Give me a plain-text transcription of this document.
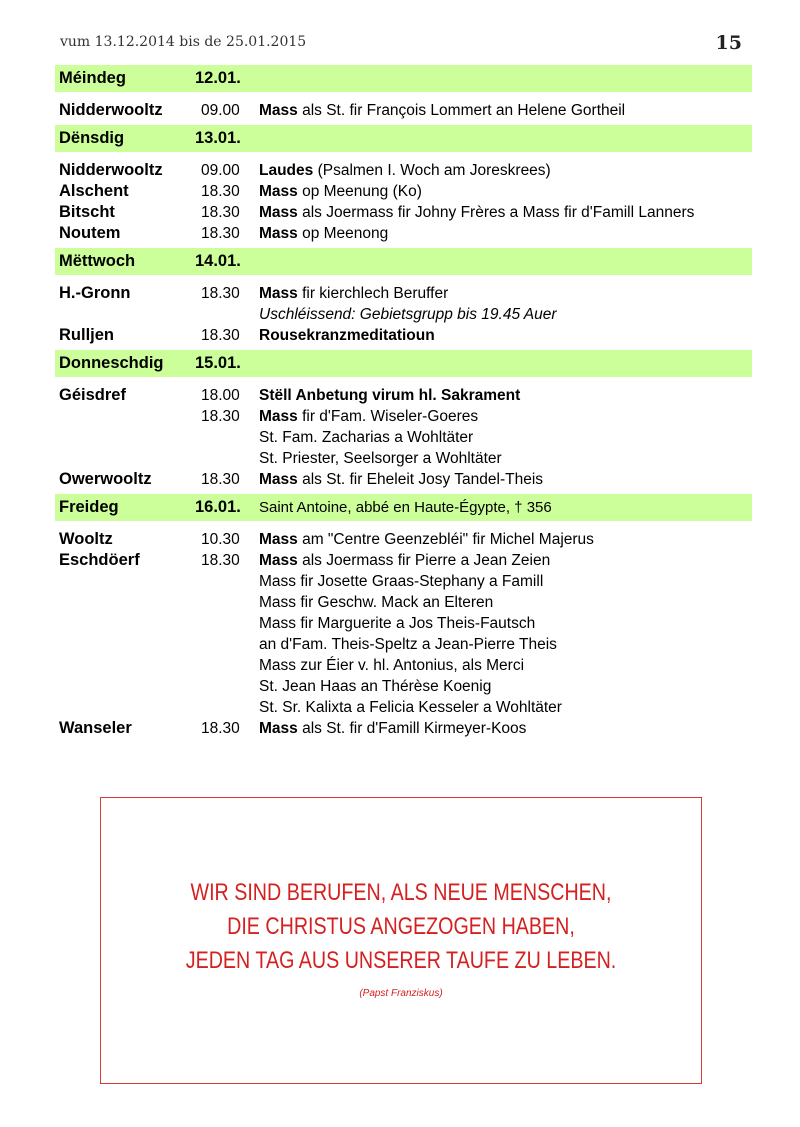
vum 13.12.2014 bis de 25.01.2015	15
Méindeg	12.01.
Nidderwooltz 09.00 Mass als St. fir François Lommert an Helene Gortheil
Dënsdig	13.01.
Nidderwooltz 09.00 Laudes (Psalmen I. Woch am Joreskrees)
Alschent	18.30 Mass op Meenung (Ko)
Bitscht	18.30 Mass als Joermass fir Johny Frères a Mass fir d'Famill Lanners
Noutem	18.30 Mass op Meenong
Mëttwoch	14.01.
H.-Gronn	18.30 Mass fir kierchlech Beruffer
Uschléissend: Gebietsgrupp bis 19.45 Auer
Rulljen	18.30 Rousekranzmeditatioun
Donneschdig 15.01.
Géisdref	18.00 Stëll Anbetung virum hl. Sakrament
18.30 Mass fir d'Fam. Wiseler-Goeres
St. Fam. Zacharias a Wohltäter
St. Priester, Seelsorger a Wohltäter
Owerwooltz	18.30 Mass als St. fir Eheleit Josy Tandel-Theis
Freideg	16.01. Saint Antoine, abbé en Haute-Égypte, † 356
Wooltz	10.30 Mass am "Centre Geenzebléi" fir Michel Majerus
Eschdöerf	18.30 Mass als Joermass fir Pierre a Jean Zeien
Mass fir Josette Graas-Stephany a Famill
Mass fir Geschw. Mack an Elteren
Mass fir Marguerite a Jos Theis-Fautsch
an d'Fam. Theis-Speltz a Jean-Pierre Theis
Mass zur Éier v. hl. Antonius, als Merci
St. Jean Haas an Thérèse Koenig
St. Sr. Kalixta a Felicia Kesseler a Wohltäter
Wanseler	18.30 Mass als St. fir d'Famill Kirmeyer-Koos
WIR SIND BERUFEN, ALS NEUE MENSCHEN,
DIE CHRISTUS ANGEZOGEN HABEN,
JEDEN TAG AUS UNSERER TAUFE ZU LEBEN.
(Papst Franziskus)
